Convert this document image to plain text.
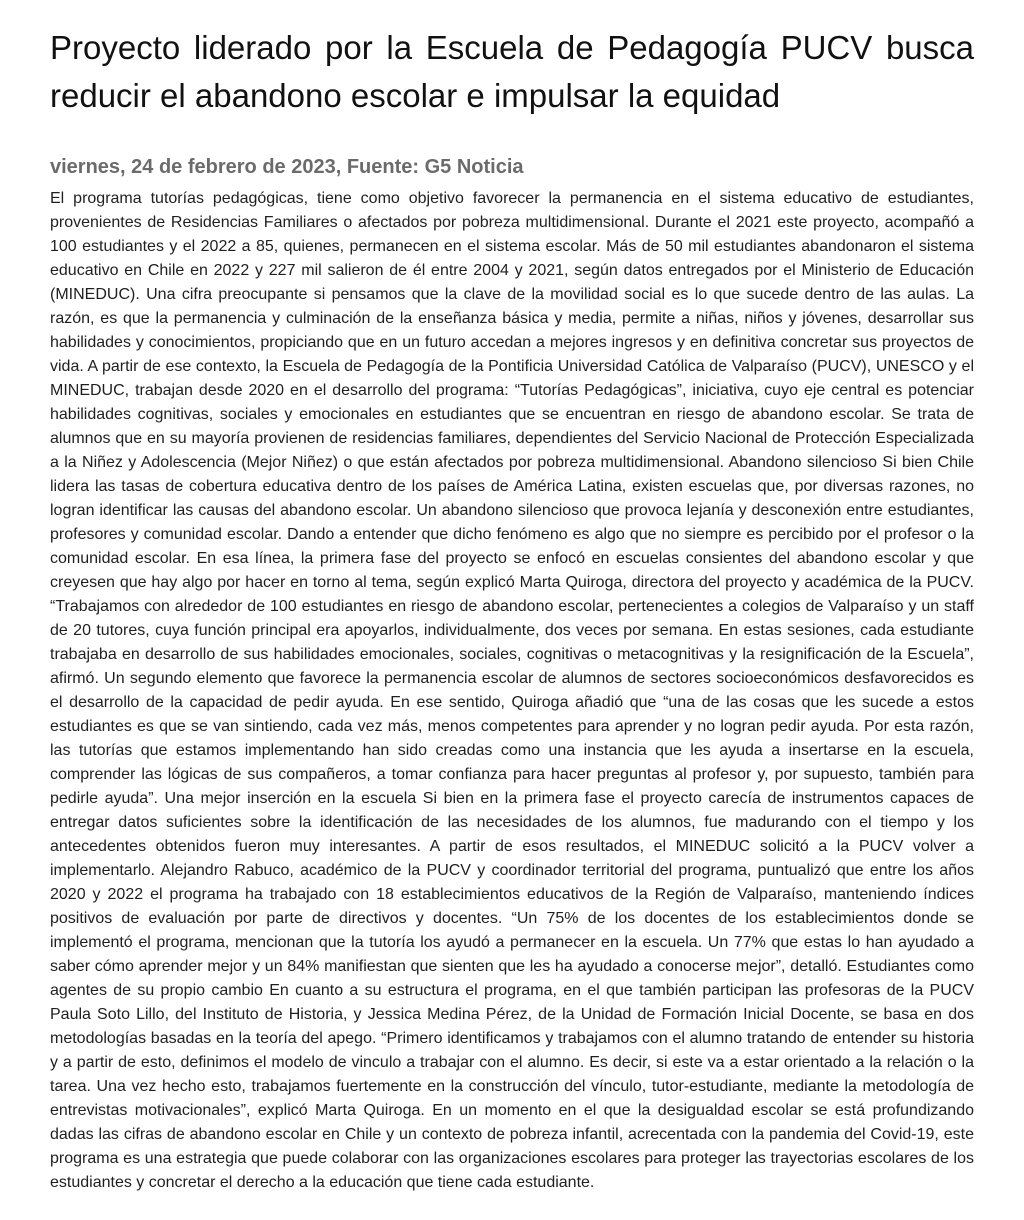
Proyecto liderado por la Escuela de Pedagogía PUCV busca reducir el abandono escolar e impulsar la equidad
viernes, 24 de febrero de 2023, Fuente: G5 Noticia

El programa tutorías pedagógicas, tiene como objetivo favorecer la permanencia en el sistema educativo de estudiantes, provenientes de Residencias Familiares o afectados por pobreza multidimensional. Durante el 2021 este proyecto, acompañó a 100 estudiantes y el 2022 a 85, quienes, permanecen en el sistema escolar. Más de 50 mil estudiantes abandonaron el sistema educativo en Chile en 2022 y 227 mil salieron de él entre 2004 y 2021, según datos entregados por el Ministerio de Educación (MINEDUC). Una cifra preocupante si pensamos que la clave de la movilidad social es lo que sucede dentro de las aulas. La razón, es que la permanencia y culminación de la enseñanza básica y media, permite a niñas, niños y jóvenes, desarrollar sus habilidades y conocimientos, propiciando que en un futuro accedan a mejores ingresos y en definitiva concretar sus proyectos de vida. A partir de ese contexto, la Escuela de Pedagogía de la Pontificia Universidad Católica de Valparaíso (PUCV), UNESCO y el MINEDUC, trabajan desde 2020 en el desarrollo del programa: “Tutorías Pedagógicas”, iniciativa, cuyo eje central es potenciar habilidades cognitivas, sociales y emocionales en estudiantes que se encuentran en riesgo de abandono escolar. Se trata de alumnos que en su mayoría provienen de residencias familiares, dependientes del Servicio Nacional de Protección Especializada a la Niñez y Adolescencia (Mejor Niñez) o que están afectados por pobreza multidimensional. Abandono silencioso Si bien Chile lidera las tasas de cobertura educativa dentro de los países de América Latina, existen escuelas que, por diversas razones, no logran identificar las causas del abandono escolar. Un abandono silencioso que provoca lejanía y desconexión entre estudiantes, profesores y comunidad escolar. Dando a entender que dicho fenómeno es algo que no siempre es percibido por el profesor o la comunidad escolar. En esa línea, la primera fase del proyecto se enfocó en escuelas consientes del abandono escolar y que creyesen que hay algo por hacer en torno al tema, según explicó Marta Quiroga, directora del proyecto y académica de la PUCV. “Trabajamos con alrededor de 100 estudiantes en riesgo de abandono escolar, pertenecientes a colegios de Valparaíso y un staff de 20 tutores, cuya función principal era apoyarlos, individualmente, dos veces por semana. En estas sesiones, cada estudiante trabajaba en desarrollo de sus habilidades emocionales, sociales, cognitivas o metacognitivas y la resignificación de la Escuela”, afirmó. Un segundo elemento que favorece la permanencia escolar de alumnos de sectores socioeconómicos desfavorecidos es el desarrollo de la capacidad de pedir ayuda. En ese sentido, Quiroga añadió que “una de las cosas que les sucede a estos estudiantes es que se van sintiendo, cada vez más, menos competentes para aprender y no logran pedir ayuda. Por esta razón, las tutorías que estamos implementando han sido creadas como una instancia que les ayuda a insertarse en la escuela, comprender las lógicas de sus compañeros, a tomar confianza para hacer preguntas al profesor y, por supuesto, también para pedirle ayuda”. Una mejor inserción en la escuela Si bien en la primera fase el proyecto carecía de instrumentos capaces de entregar datos suficientes sobre la identificación de las necesidades de los alumnos, fue madurando con el tiempo y los antecedentes obtenidos fueron muy interesantes. A partir de esos resultados, el MINEDUC solicitó a la PUCV volver a implementarlo. Alejandro Rabuco, académico de la PUCV y coordinador territorial del programa, puntualizó que entre los años 2020 y 2022 el programa ha trabajado con 18 establecimientos educativos de la Región de Valparaíso, manteniendo índices positivos de evaluación por parte de directivos y docentes. “Un 75% de los docentes de los establecimientos donde se implementó el programa, mencionan que la tutoría los ayudó a permanecer en la escuela. Un 77% que estas lo han ayudado a saber cómo aprender mejor y un 84% manifiestan que sienten que les ha ayudado a conocerse mejor”, detalló. Estudiantes como agentes de su propio cambio En cuanto a su estructura el programa, en el que también participan las profesoras de la PUCV Paula Soto Lillo, del Instituto de Historia, y Jessica Medina Pérez, de la Unidad de Formación Inicial Docente, se basa en dos metodologías basadas en la teoría del apego. “Primero identificamos y trabajamos con el alumno tratando de entender su historia y a partir de esto, definimos el modelo de vinculo a trabajar con el alumno. Es decir, si este va a estar orientado a la relación o la tarea. Una vez hecho esto, trabajamos fuertemente en la construcción del vínculo, tutor-estudiante, mediante la metodología de entrevistas motivacionales”, explicó Marta Quiroga. En un momento en el que la desigualdad escolar se está profundizando dadas las cifras de abandono escolar en Chile y un contexto de pobreza infantil, acrecentada con la pandemia del Covid-19, este programa es una estrategia que puede colaborar con las organizaciones escolares para proteger las trayectorias escolares de los estudiantes y concretar el derecho a la educación que tiene cada estudiante.
